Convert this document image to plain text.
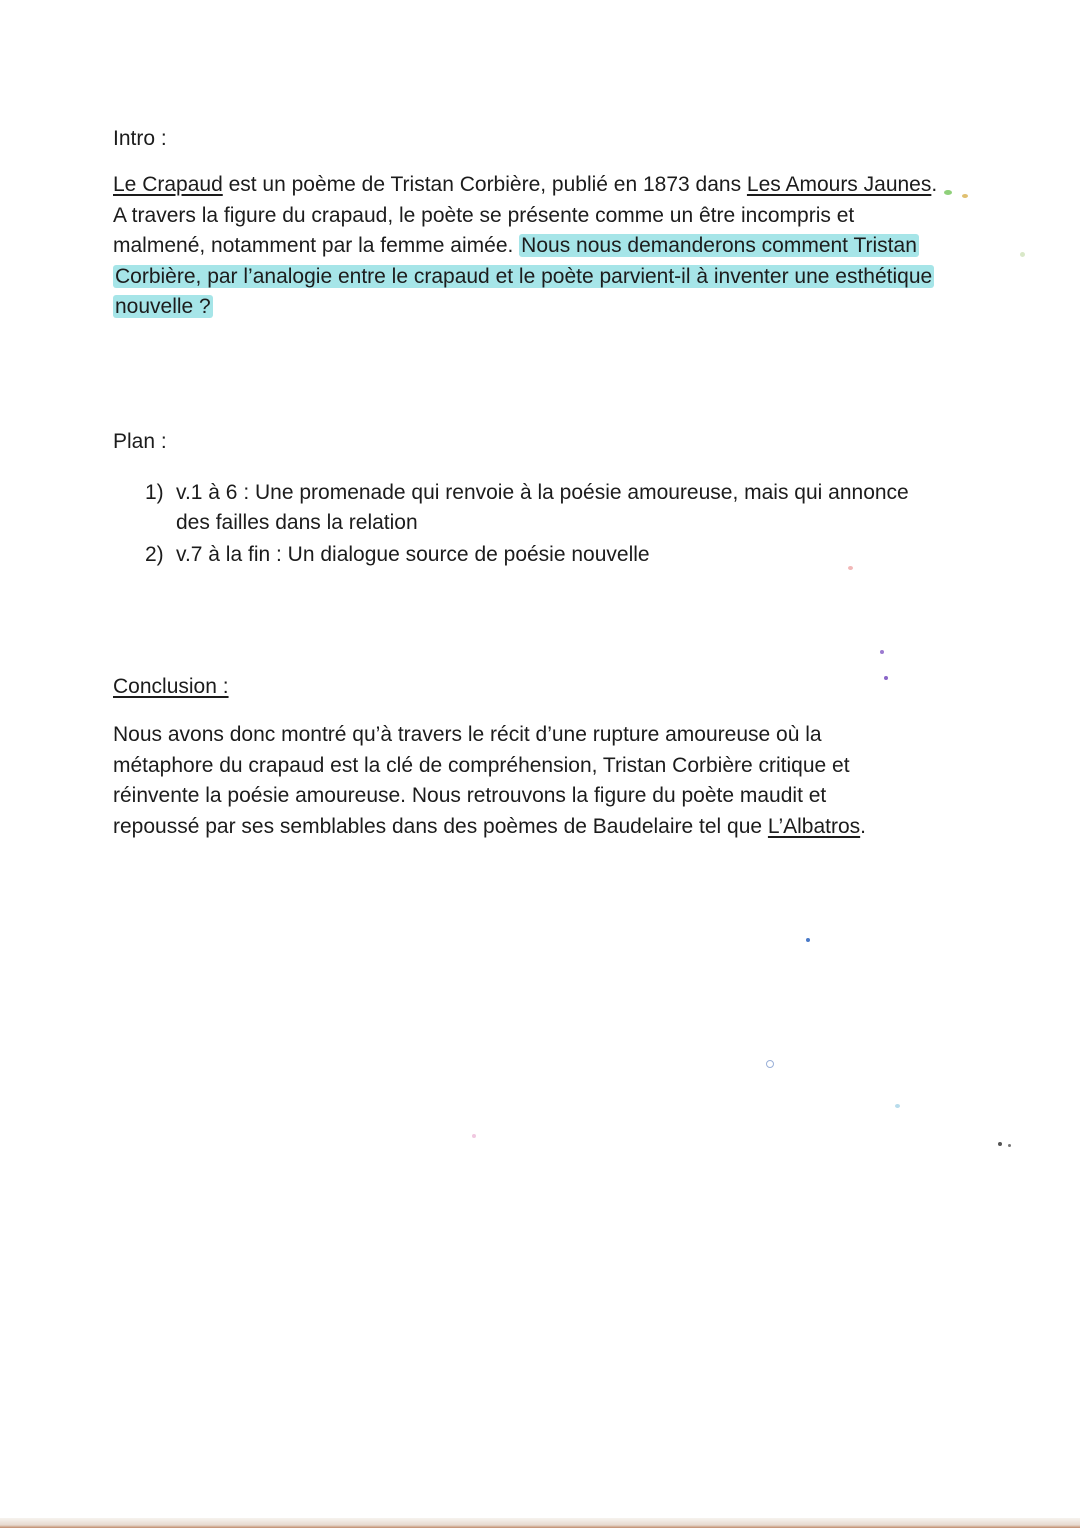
Intro :

Le Crapaud est un poème de Tristan Corbière, publié en 1873 dans Les Amours Jaunes. A travers la figure du crapaud, le poète se présente comme un être incompris et malmené, notamment par la femme aimée. Nous nous demanderons comment Tristan Corbière, par l’analogie entre le crapaud et le poète parvient-il à inventer une esthétique nouvelle ?

Plan :
1) v.1 à 6 : Une promenade qui renvoie à la poésie amoureuse, mais qui annonce des failles dans la relation
2) v.7 à la fin : Un dialogue source de poésie nouvelle
Conclusion :

Nous avons donc montré qu’à travers le récit d’une rupture amoureuse où la métaphore du crapaud est la clé de compréhension, Tristan Corbière critique et réinvente la poésie amoureuse. Nous retrouvons la figure du poète maudit et repoussé par ses semblables dans des poèmes de Baudelaire tel que L’Albatros.
